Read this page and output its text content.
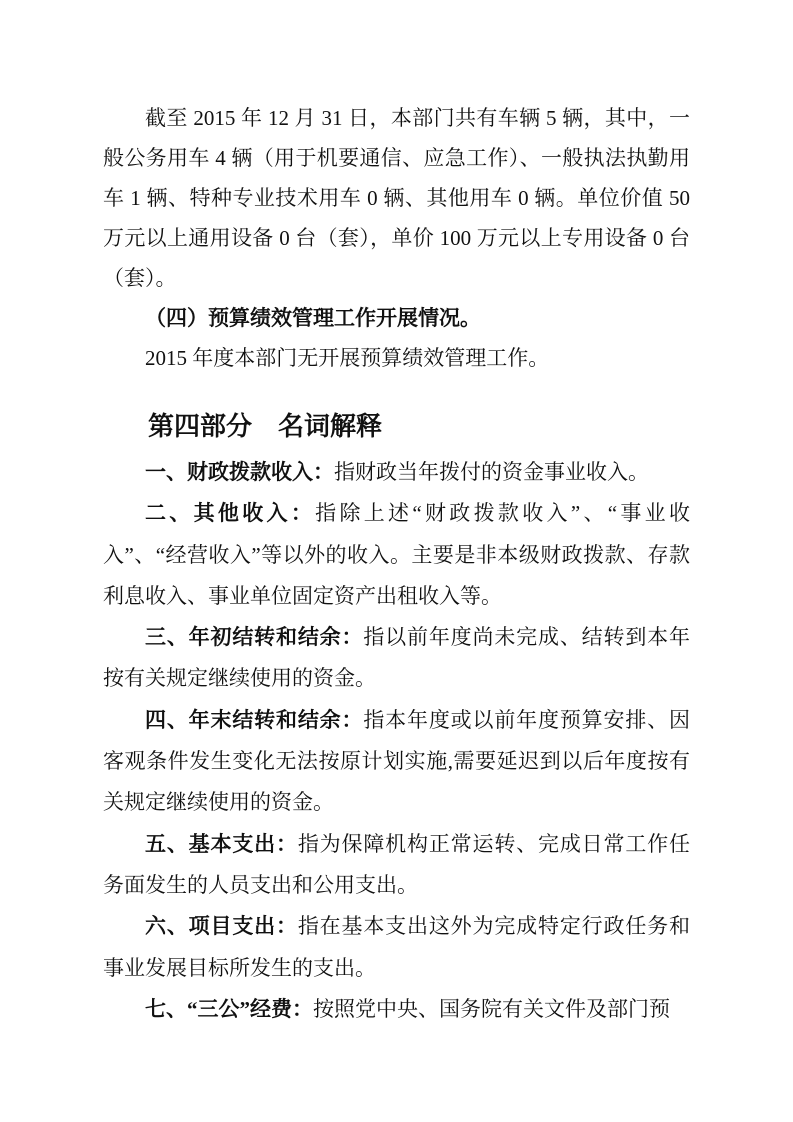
截至 2015 年 12 月 31 日，本部门共有车辆 5 辆，其中，一般公务用车 4 辆（用于机要通信、应急工作）、一般执法执勤用车 1 辆、特种专业技术用车 0 辆、其他用车 0 辆。单位价值 50 万元以上通用设备 0 台（套），单价 100 万元以上专用设备 0 台（套）。

（四）预算绩效管理工作开展情况。

2015 年度本部门无开展预算绩效管理工作。

第四部分　名词解释

一、财政拨款收入：指财政当年拨付的资金事业收入。

二、其他收入：指除上述“财政拨款收入”、“事业收入”、“经营收入”等以外的收入。主要是非本级财政拨款、存款利息收入、事业单位固定资产出租收入等。

三、年初结转和结余：指以前年度尚未完成、结转到本年按有关规定继续使用的资金。

四、年末结转和结余：指本年度或以前年度预算安排、因客观条件发生变化无法按原计划实施,需要延迟到以后年度按有关规定继续使用的资金。

五、基本支出：指为保障机构正常运转、完成日常工作任务面发生的人员支出和公用支出。

六、项目支出：指在基本支出这外为完成特定行政任务和事业发展目标所发生的支出。

七、“三公”经费：按照党中央、国务院有关文件及部门预
